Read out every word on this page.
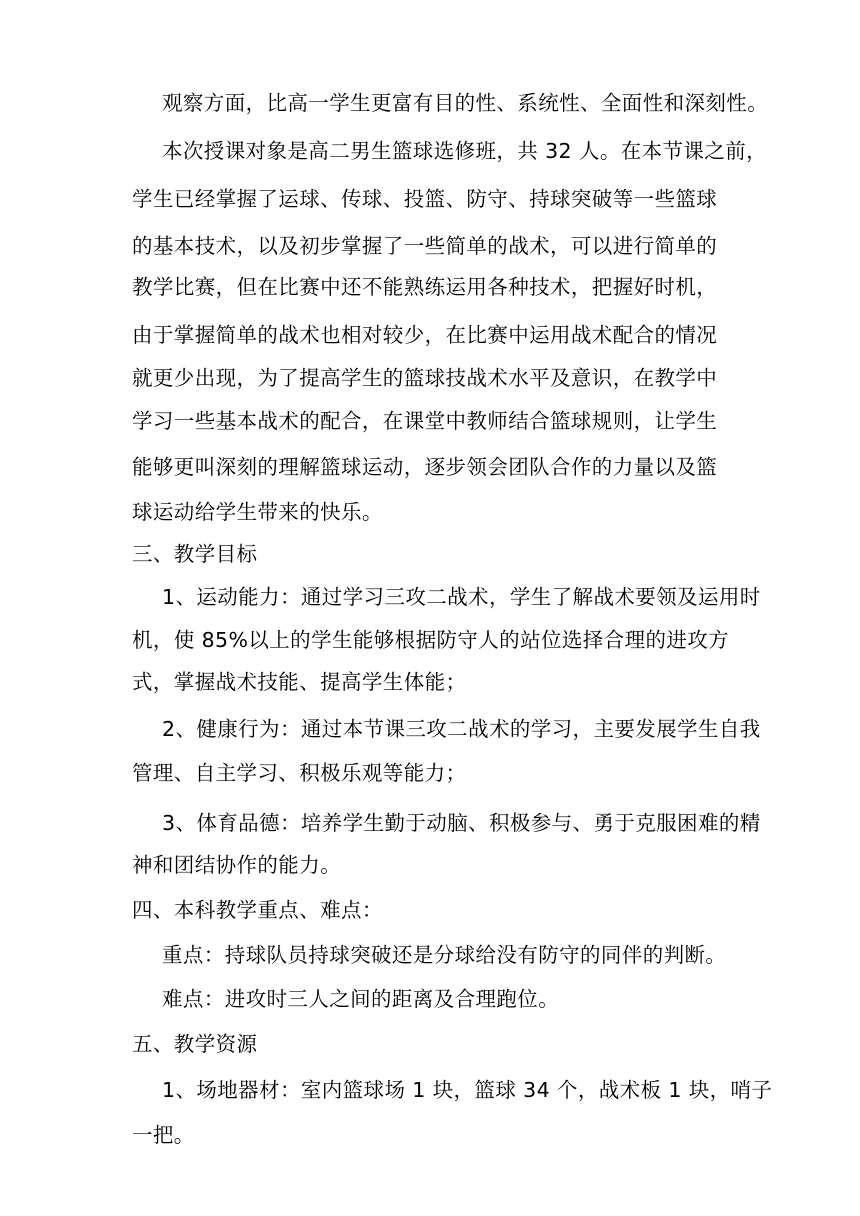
观察方面，比高一学生更富有目的性、系统性、全面性和深刻性。
本次授课对象是高二男生篮球选修班，共 32 人。在本节课之前，
学生已经掌握了运球、传球、投篮、防守、持球突破等一些篮球
的基本技术，以及初步掌握了一些简单的战术，可以进行简单的
教学比赛，但在比赛中还不能熟练运用各种技术，把握好时机，
由于掌握简单的战术也相对较少，在比赛中运用战术配合的情况
就更少出现，为了提高学生的篮球技战术水平及意识，在教学中
学习一些基本战术的配合，在课堂中教师结合篮球规则，让学生
能够更叫深刻的理解篮球运动，逐步领会团队合作的力量以及篮
球运动给学生带来的快乐。
三、教学目标
1、运动能力：通过学习三攻二战术，学生了解战术要领及运用时
机，使 85%以上的学生能够根据防守人的站位选择合理的进攻方
式，掌握战术技能、提高学生体能；
2、健康行为：通过本节课三攻二战术的学习，主要发展学生自我
管理、自主学习、积极乐观等能力；
3、体育品德：培养学生勤于动脑、积极参与、勇于克服困难的精
神和团结协作的能力。
四、本科教学重点、难点：
重点：持球队员持球突破还是分球给没有防守的同伴的判断。
难点：进攻时三人之间的距离及合理跑位。
五、教学资源
1、场地器材：室内篮球场 1 块，篮球 34 个，战术板 1 块，哨子
一把。
